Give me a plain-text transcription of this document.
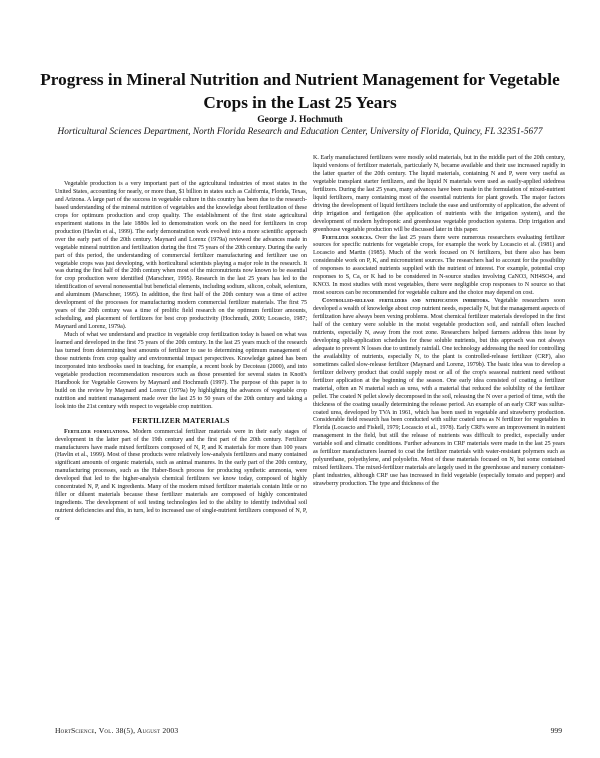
Progress in Mineral Nutrition and Nutrient Management for Vegetable Crops in the Last 25 Years
George J. Hochmuth
Horticultural Sciences Department, North Florida Research and Education Center, University of Florida, Quincy, FL 32351-5677

Vegetable production is a very important part of the agricultural industries of most states in the United States, accounting for nearly, or more than, $1 billion in states such as California, Florida, Texas, and Arizona. A large part of the success in vegetable culture in this country has been due to the research-based understanding of the mineral nutrition of vegetables and the knowledge about fertilization of these crops for optimum production and crop quality. The establishment of the first state agricultural experiment stations in the late 1880s led to demonstration work on the need for fertilizers in crop production (Havlin et al., 1999). The early demonstration work evolved into a more scientific approach over the early part of the 20th century. Maynard and Lorenz (1979a) reviewed the advances made in vegetable mineral nutrition and fertilization during the first 75 years of the 20th century. During the early part of this period, the understanding of commercial fertilizer manufacturing and fertilizer use on vegetable crops was just developing, with horticultural scientists playing a major role in the research. It was during the first half of the 20th century when most of the micronutrients now known to be essential for crop production were identified (Marschner, 1995). Research in the last 25 years has led to the identification of several nonessential but beneficial elements, including sodium, silicon, cobalt, selenium, and aluminum (Marschner, 1995). In addition, the first half of the 20th century was a time of active development of the processes for manufacturing modern commercial fertilizer materials. The first 75 years of the 20th century was a time of prolific field research on the optimum fertilizer amounts, scheduling, and placement of fertilizers for best crop productivity (Hochmuth, 2000; Locascio, 1987; Maynard and Lorenz, 1979a).

Much of what we understand and practice in vegetable crop fertilization today is based on what was learned and developed in the first 75 years of the 20th century. In the last 25 years much of the research has turned from determining best amounts of fertilizer to use to determining optimum management of those nutrients from crop quality and environmental impact perspectives. Knowledge gained has been incorporated into textbooks used in teaching, for example, a recent book by Decoteau (2000), and into vegetable production recommendation resources such as those presented for several states in Knott's Handbook for Vegetable Growers by Maynard and Hochmuth (1997). The purpose of this paper is to build on the review by Maynard and Lorenz (1979a) by highlighting the advances of vegetable crop nutrition and nutrient management made over the last 25 to 50 years of the 20th century and taking a look into the 21st century with respect to vegetable crop nutrition.

FERTILIZER MATERIALS

Fertilizer formulations. Modern commercial fertilizer materials were in their early stages of development in the latter part of the 19th century and the first part of the 20th century. Fertilizer manufacturers have made mixed fertilizers composed of N, P, and K materials for more than 100 years (Havlin et al., 1999). Most of these products were relatively low-analysis fertilizers and many contained significant amounts of organic materials, such as animal manures. In the early part of the 20th century, manufacturing processes, such as the Haber-Bosch process for producing synthetic ammonia, were developed that led to the higher-analysis chemical fertilizers we know today, composed of highly concentrated N, P, and K ingredients. Many of the modern mixed fertilizer materials contain little or no filler or diluent materials because these fertilizer materials are composed of highly concentrated ingredients. The development of soil testing technologies led to the ability to identify individual soil nutrient deficiencies and this, in turn, led to increased use of single-nutrient fertilizers composed of N, P, or

K. Early manufactured fertilizers were mostly solid materials, but in the middle part of the 20th century, liquid versions of fertilizer materials, particularly N, became available and their use increased rapidly in the latter quarter of the 20th century. The liquid materials, containing N and P, were very useful as vegetable transplant starter fertilizers, and the liquid N materials were used as easily-applied sidedress fertilizers. During the last 25 years, many advances have been made in the formulation of mixed-nutrient liquid fertilizers, many containing most of the essential nutrients for plant growth. The major factors driving the development of liquid fertilizers include the ease and uniformity of application, the advent of drip irrigation and fertigation (the application of nutrients with the irrigation system), and the development of modern hydroponic and greenhouse vegetable production systems. Drip irrigation and greenhouse vegetable production will be discussed later in this paper.

Fertilizer sources. Over the last 25 years there were numerous researchers evaluating fertilizer sources for specific nutrients for vegetable crops, for example the work by Locascio et al. (1981) and Locascio and Martin (1985). Much of the work focused on N fertilizers, but there also has been considerable work on P, K, and micronutrient sources. The researchers had to account for the possibility of responses to associated nutrients supplied with the nutrient of interest. For example, potential crop responses to S, Ca, or K had to be considered in N-source studies involving CaNO3, NH4SO4, and KNO3. In most studies with most vegetables, there were negligible crop responses to N source so that most sources can be recommended for vegetable culture and the choice may depend on cost.

Controlled-release fertilizers and nitrification inhibitors. Vegetable researchers soon developed a wealth of knowledge about crop nutrient needs, especially N, but the management aspects of fertilization have always been vexing problems. Most chemical fertilizer materials developed in the first half of the century were soluble in the moist vegetable production soil, and rainfall often leached nutrients, especially N, away from the root zone. Researchers helped farmers address this issue by developing split-application schedules for these soluble nutrients, but this approach was not always adequate to prevent N losses due to untimely rainfall. One technology addressing the need for controlling the availability of nutrients, especially N, to the plant is controlled-release fertilizer (CRF), also sometimes called slow-release fertilizer (Maynard and Lorenz, 1979b). The basic idea was to develop a fertilizer delivery product that could supply most or all of the crop's seasonal nutrient need without fertilizer application at the beginning of the season. One early idea consisted of coating a fertilizer material, often an N material such as urea, with a material that reduced the solubility of the fertilizer pellet. The coated N pellet slowly decomposed in the soil, releasing the N over a period of time, with the thickness of the coating usually determining the release period. An example of an early CRF was sulfur-coated urea, developed by TVA in 1961, which has been used in vegetable and strawberry production. Considerable field research has been conducted with sulfur coated urea as N fertilizer for vegetables in Florida (Locascio and Fiskell, 1979; Locascio et al., 1978). Early CRFs were an improvement in nutrient management in the field, but still the release of nutrients was difficult to predict, especially under variable soil and climatic conditions. Further advances in CRF materials were made in the last 25 years as fertilizer manufacturers learned to coat the fertilizer materials with water-resistant polymers such as polyurethane, polyethylene, and polyolefin. Most of these materials focused on N, but some contained mixed fertilizers. The mixed-fertilizer materials are largely used in the greenhouse and nursery container-plant industries, although CRF use has increased in field vegetable (especially tomato and pepper) and strawberry production. The type and thickness of the

HortScience, Vol. 38(5), August 2003	999
